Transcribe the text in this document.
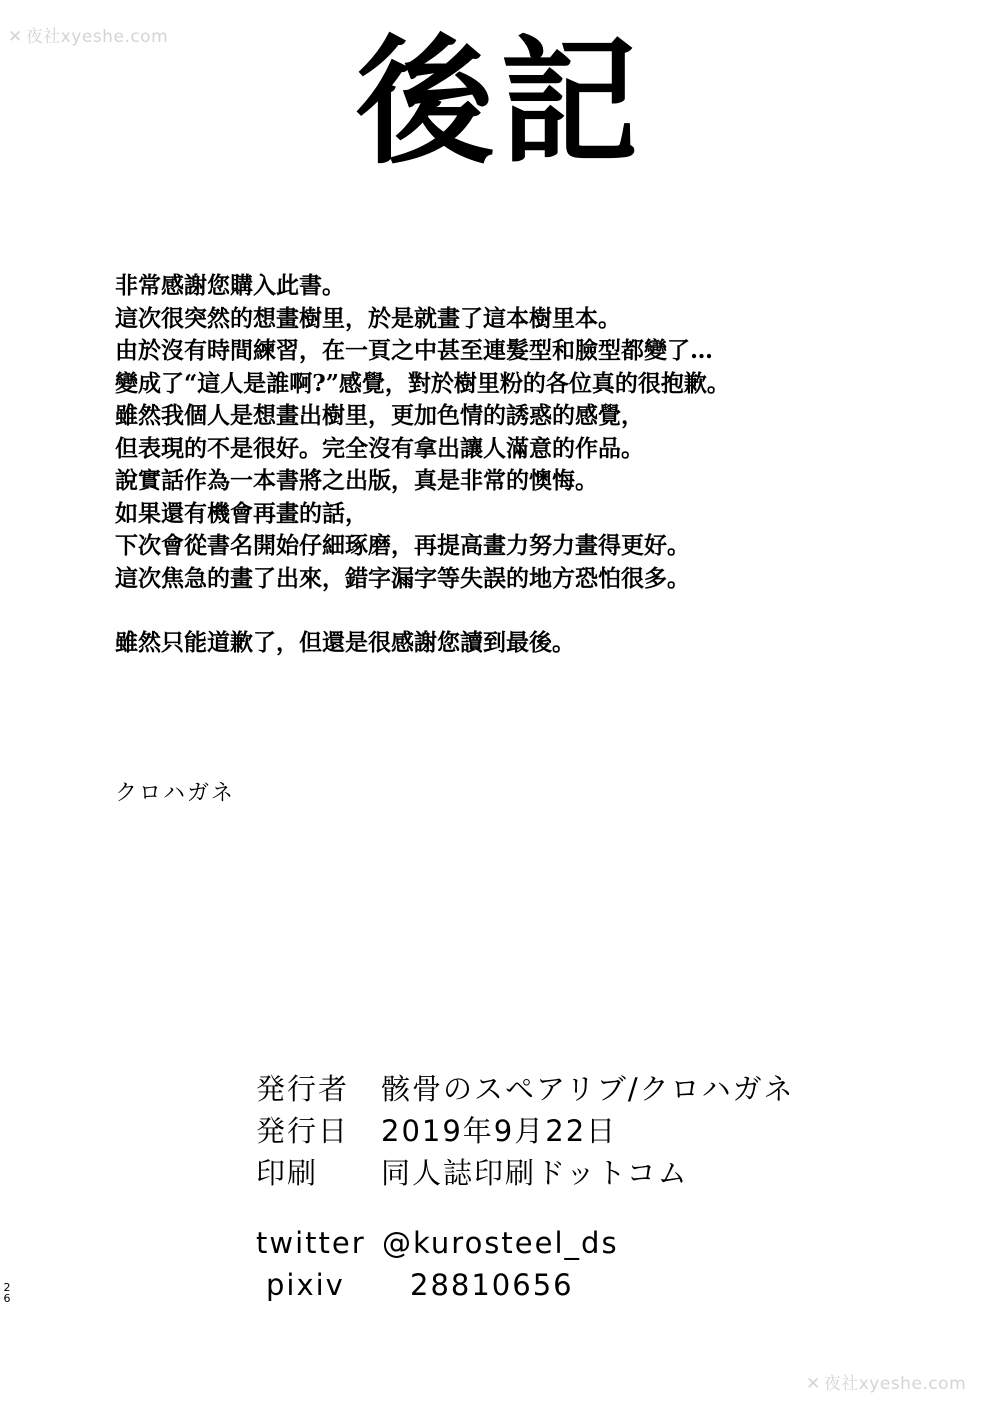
✕ 夜社xyeshe.com	後記
非常感謝您購入此書。
這次很突然的想畫樹里，於是就畫了這本樹里本。
由於沒有時間練習，在一頁之中甚至連髮型和臉型都變了…
變成了“這人是誰啊?”感覺，對於樹里粉的各位真的很抱歉。
雖然我個人是想畫出樹里，更加色情的誘惑的感覺，
但表現的不是很好。完全沒有拿出讓人滿意的作品。
說實話作為一本書將之出版，真是非常的懊悔。
如果還有機會再畫的話，
下次會從書名開始仔細琢磨，再提高畫力努力畫得更好。
這次焦急的畫了出來，錯字漏字等失誤的地方恐怕很多。
雖然只能道歉了，但還是很感謝您讀到最後。
クロハガネ
発行者	骸骨のスペアリブ/クロハガネ
発行日	2019年9月22日
印刷	同人誌印刷ドットコム
twitter @kurosteel_ds
pixiv	28810656
26
✕ 夜社xyeshe.com
